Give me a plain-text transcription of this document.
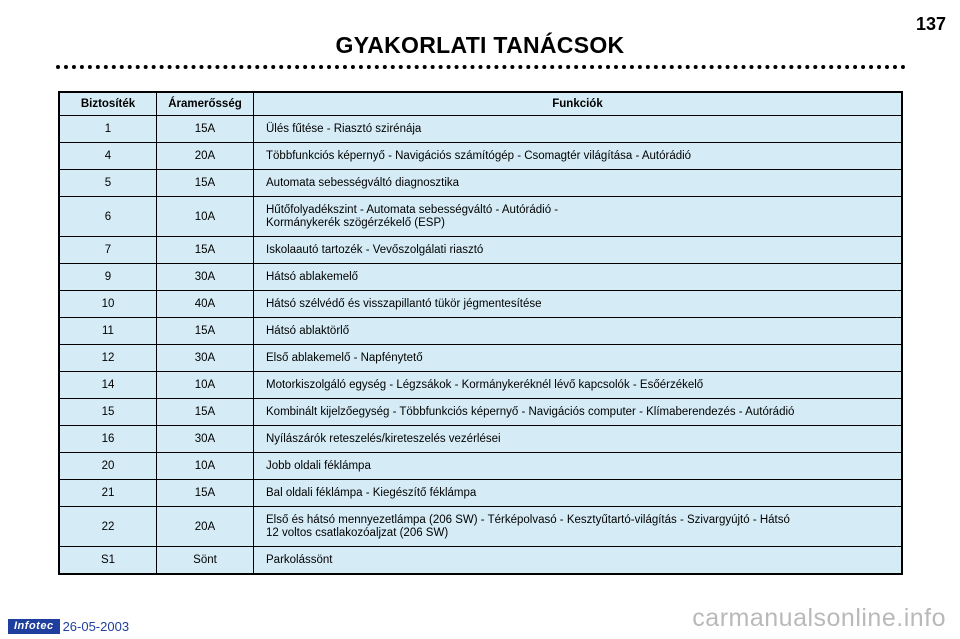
137
GYAKORLATI TANÁCSOK
Biztosíték	Áramerősség	Funkciók
1	15A	Ülés fűtése - Riasztó szirénája
4	20A	Többfunkciós képernyő - Navigációs számítógép - Csomagtér világítása - Autórádió
5	15A	Automata sebességváltó diagnosztika
6	10A	Hűtőfolyadékszint - Automata sebességváltó - Autórádió -
Kormánykerék szögérzékelő (ESP)
7	15A	Iskolaautó tartozék - Vevőszolgálati riasztó
9	30A	Hátsó ablakemelő
10	40A	Hátsó szélvédő és visszapillantó tükör jégmentesítése
11	15A	Hátsó ablaktörlő
12	30A	Első ablakemelő - Napfénytető
14	10A	Motorkiszolgáló egység - Légzsákok - Kormánykeréknél lévő kapcsolók - Esőérzékelő
15	15A	Kombinált kijelzőegység - Többfunkciós képernyő - Navigációs computer - Klímaberendezés - Autórádió
16	30A	Nyílászárók reteszelés/kireteszelés vezérlései
20	10A	Jobb oldali féklámpa
21	15A	Bal oldali féklámpa - Kiegészítő féklámpa
22	20A	Első és hátsó mennyezetlámpa (206 SW) - Térképolvasó - Kesztyűtartó-világítás - Szivargyújtó - Hátsó
12 voltos csatlakozóaljzat (206 SW)
S1	Sönt	Parkolássönt
Infotec 26-05-2003	carmanualsonline.info
